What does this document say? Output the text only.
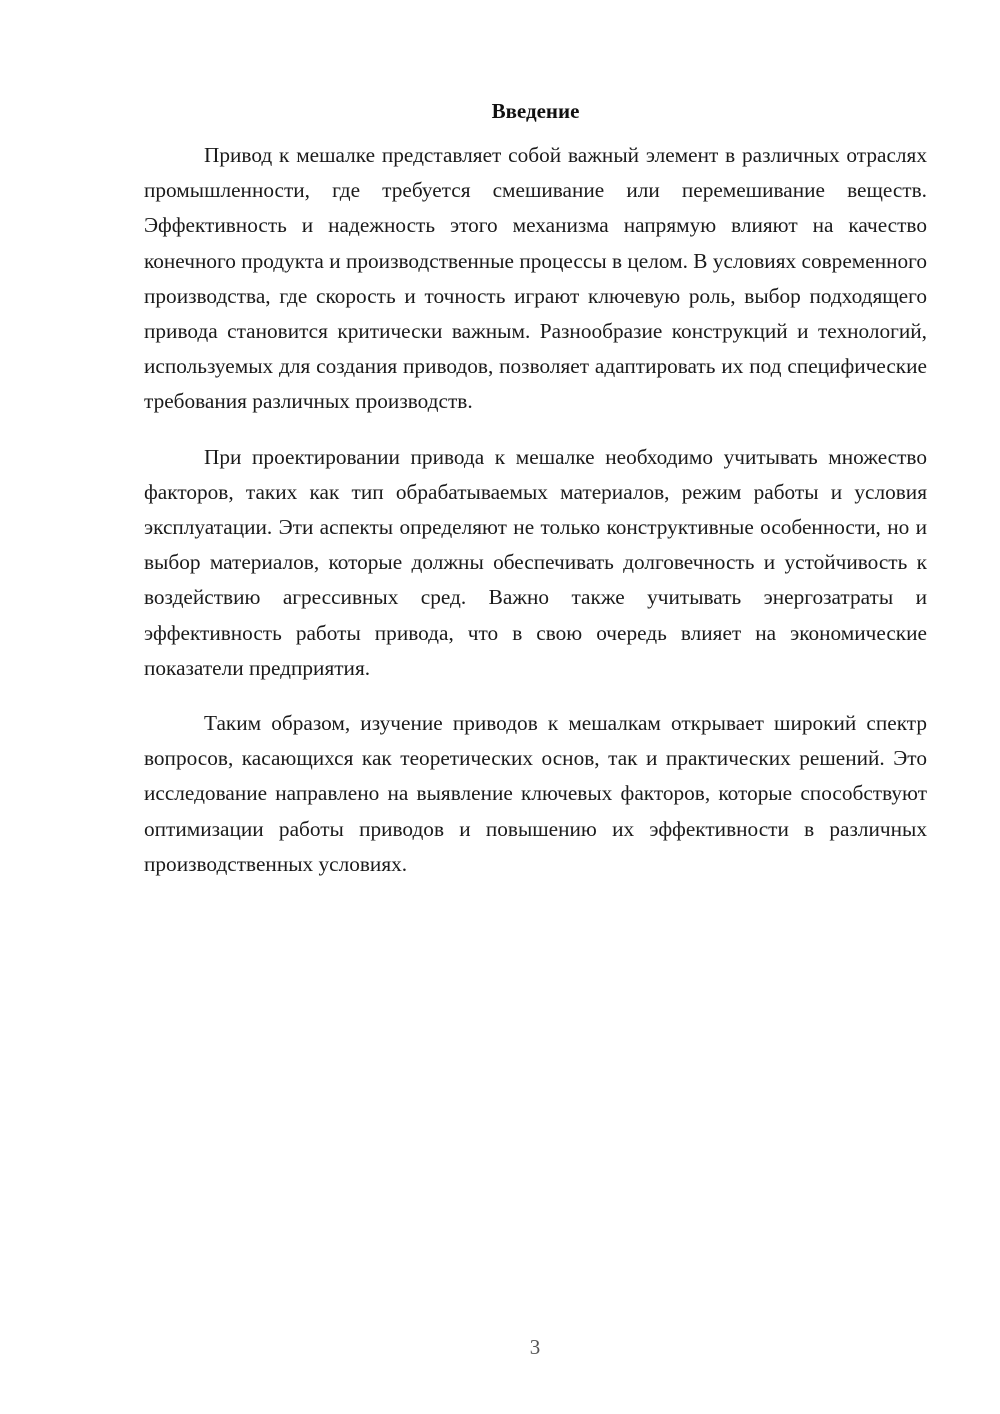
Введение

Привод к мешалке представляет собой важный элемент в различных отраслях промышленности, где требуется смешивание или перемешивание веществ. Эффективность и надежность этого механизма напрямую влияют на качество конечного продукта и производственные процессы в целом. В условиях современного производства, где скорость и точность играют ключевую роль, выбор подходящего привода становится критически важным. Разнообразие конструкций и технологий, используемых для создания приводов, позволяет адаптировать их под специфические требования различных производств.

При проектировании привода к мешалке необходимо учитывать множество факторов, таких как тип обрабатываемых материалов, режим работы и условия эксплуатации. Эти аспекты определяют не только конструктивные особенности, но и выбор материалов, которые должны обеспечивать долговечность и устойчивость к воздействию агрессивных сред. Важно также учитывать энергозатраты и эффективность работы привода, что в свою очередь влияет на экономические показатели предприятия.

Таким образом, изучение приводов к мешалкам открывает широкий спектр вопросов, касающихся как теоретических основ, так и практических решений. Это исследование направлено на выявление ключевых факторов, которые способствуют оптимизации работы приводов и повышению их эффективности в различных производственных условиях.

3
